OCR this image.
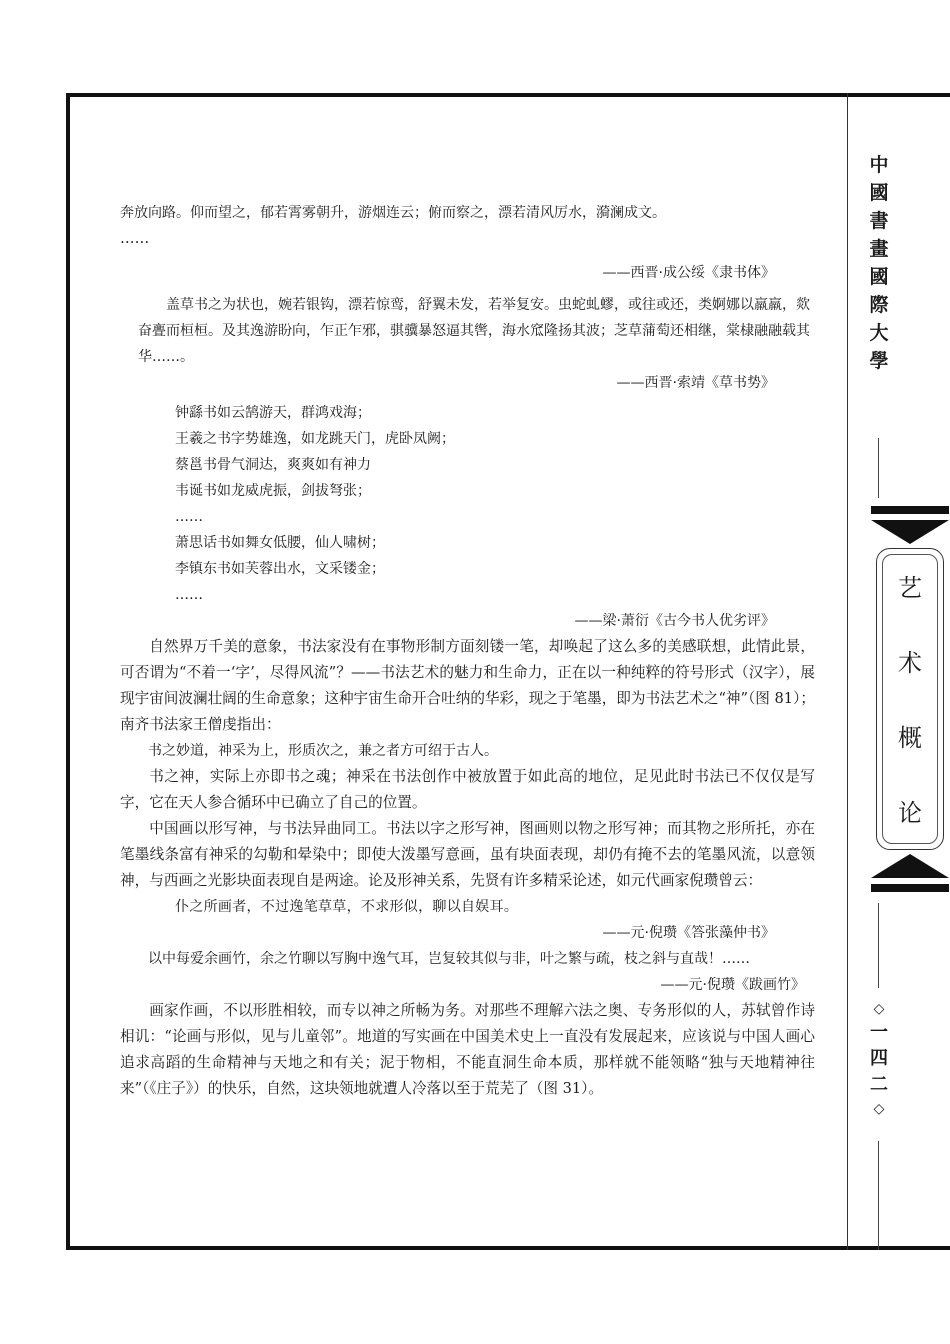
奔放向路。仰而望之，郁若霄雾朝升，游烟连云；俯而察之，漂若清风厉水，漪澜成文。

……

——西晋·成公绥《隶书体》

盖草书之为状也，婉若银钩，漂若惊鸾，舒翼未发，若举复安。虫蛇虬蟉，或往或还，类婀娜以羸羸，欻奋亹而桓桓。及其逸游盼向，乍正乍邪，骐骥暴怒逼其辔，海水窊隆扬其波；芝草蒲萄还相继，棠棣融融载其华……。

——西晋·索靖《草书势》

钟繇书如云鹄游天，群鸿戏海；

王羲之书字势雄逸，如龙跳天门，虎卧凤阙；

蔡邕书骨气洞达，爽爽如有神力

韦诞书如龙威虎振，剑拔弩张；

……

萧思话书如舞女低腰，仙人啸树；

李镇东书如芙蓉出水，文采镂金；

……

——梁·萧衍《古今书人优劣评》

自然界万千美的意象，书法家没有在事物形制方面刻镂一笔，却唤起了这么多的美感联想，此情此景，可否谓为“不着一‘字’，尽得风流”？——书法艺术的魅力和生命力，正在以一种纯粹的符号形式（汉字），展现宇宙间波澜壮阔的生命意象；这种宇宙生命开合吐纳的华彩，现之于笔墨，即为书法艺术之“神”（图 81）；南齐书法家王僧虔指出：

书之妙道，神采为上，形质次之，兼之者方可绍于古人。

书之神，实际上亦即书之魂；神采在书法创作中被放置于如此高的地位，足见此时书法已不仅仅是写字，它在天人参合循环中已确立了自己的位置。

中国画以形写神，与书法异曲同工。书法以字之形写神，图画则以物之形写神；而其物之形所托，亦在笔墨线条富有神采的勾勒和晕染中；即使大泼墨写意画，虽有块面表现，却仍有掩不去的笔墨风流，以意领神，与西画之光影块面表现自是两途。论及形神关系，先贤有许多精采论述，如元代画家倪瓒曾云：

仆之所画者，不过逸笔草草，不求形似，聊以自娱耳。

——元·倪瓒《答张藻仲书》

以中每爱余画竹，余之竹聊以写胸中逸气耳，岂复较其似与非，叶之繁与疏，枝之斜与直哉！……

——元·倪瓒《跋画竹》

画家作画，不以形胜相较，而专以神之所畅为务。对那些不理解六法之奥、专务形似的人，苏轼曾作诗相讥：“论画与形似，见与儿童邻”。地道的写实画在中国美术史上一直没有发展起来，应该说与中国人画心追求高蹈的生命精神与天地之和有关；泥于物相，不能直洞生命本质，那样就不能领略“独与天地精神往来”（《庄子》）的快乐，自然，这块领地就遭人冷落以至于荒芜了（图 31）。

中
國
書
畫
國
際
大
學
艺
术
概
论
◇
一
四
二
◇
